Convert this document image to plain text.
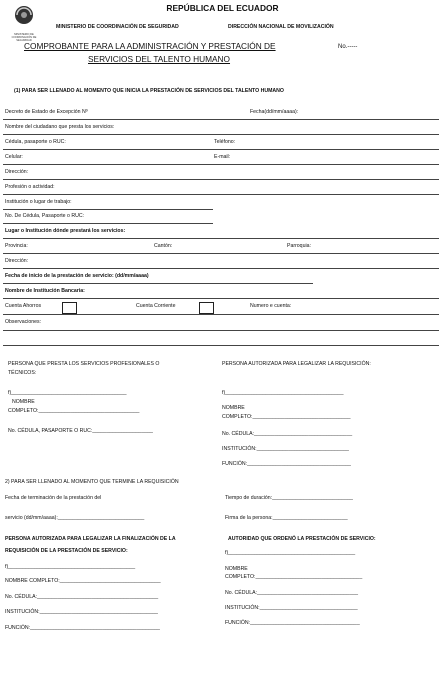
MINISTERIO DE COORDINACIÓN DE SEGURIDAD
REPÚBLICA DEL ECUADOR
MINISTERIO DE COORDINACIÓN DE SEGURIDAD	DIRECCIÓN NACIONAL DE MOVILIZACIÓN
COMPROBANTE PARA LA ADMINISTRACIÓN Y PRESTACIÓN DE
SERVICIOS DEL TALENTO HUMANO
No.-----
(1) PARA SER LLENADO AL MOMENTO QUE INICIA LA PRESTACIÓN DE SERVICIOS DEL TALENTO HUMANO
Decreto de Estado de Excepción Nº	Fecha(dd/mm/aaaa):
Nombre del ciudadano que presta los servicios:
Cédula, pasaporte o RUC:	Teléfono:
Celular:	E-mail:
Dirección:
Profesión o actividad:
Institución o lugar de trabajo:
No. De Cédula, Pasaporte o RUC:
Lugar o Institución dónde prestará los servicios:
Provincia:	Cantón:	Parroquia:
Dirección:
Fecha de inicio de la prestación de servicio: (dd/mm/aaaa)
Nombre de Institución Bancaria:
Cuenta Ahorros	Cuenta Corriente	Numero e cuenta:
Observaciones:
PERSONA QUE PRESTA LOS SERVICIOS PROFESIONALES O
TÉCNICOS:
f)________________________________________
NOMBRE
COMPLETO:___________________________________
No. CÉDULA, PASAPORTE O RUC:_____________________
PERSONA AUTORIZADA PARA LEGALIZAR LA REQUISICIÓN:
f)_________________________________________
NOMBRE
COMPLETO:__________________________________
No. CÉDULA:__________________________________
INSTITUCIÓN:________________________________
FUNCIÓN:____________________________________
2) PARA SER LLENADO AL MOMENTO QUE TERMINE LA REQUISICIÓN
Fecha de terminación de la prestación del
servicio (dd/mm/aaaa):______________________________
Tiempo de duración:____________________________
Firma de la persona:__________________________
PERSONA AUTORIZADA PARA LEGALIZAR LA FINALIZACIÓN DE LA
REQUISICIÓN DE LA PRESTACIÓN DE SERVICIO:
f)____________________________________________
NOMBRE COMPLETO:___________________________________
No. CÉDULA:__________________________________________
INSTITUCIÓN:_________________________________________
FUNCIÓN:_____________________________________________
AUTORIDAD QUE ORDENÓ LA PRESTACIÓN DE SERVICIO:
f)____________________________________________
NOMBRE
COMPLETO:_____________________________________
No. CÉDULA:___________________________________
INSTITUCIÓN:__________________________________
FUNCIÓN:______________________________________
